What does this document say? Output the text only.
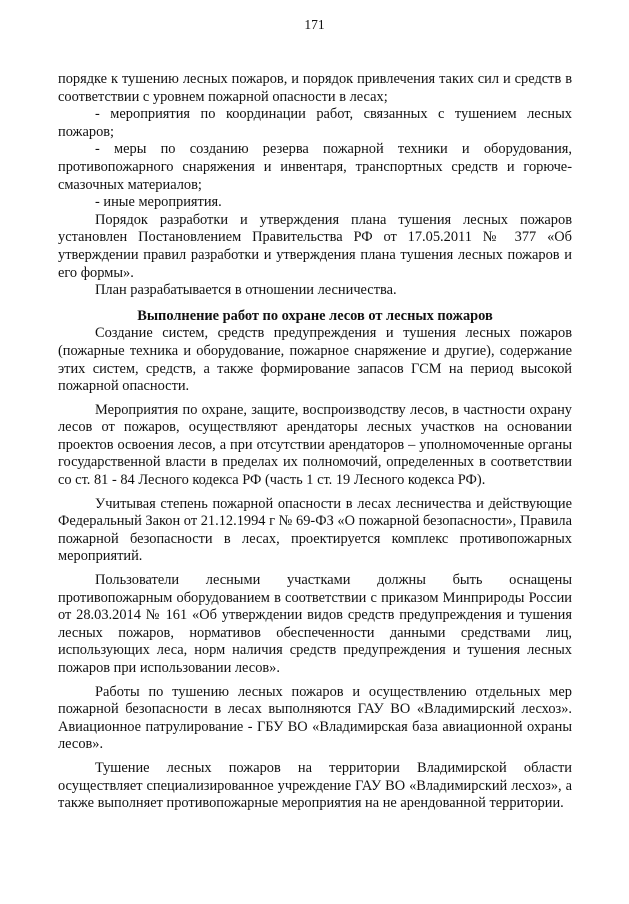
171

порядке к тушению лесных пожаров, и порядок привлечения таких сил и средств в соответствии с уровнем пожарной опасности в лесах;

- мероприятия по координации работ, связанных с тушением лесных пожаров;

- меры по созданию резерва пожарной техники и оборудования, противопожарного снаряжения и инвентаря, транспортных средств и горюче-смазочных материалов;

- иные мероприятия.

Порядок разработки и утверждения плана тушения лесных пожаров установлен Постановлением Правительства РФ от 17.05.2011 № 377 «Об утверждении правил разработки и утверждения плана тушения лесных пожаров и его формы».

План разрабатывается в отношении лесничества.

Выполнение работ по охране лесов от лесных пожаров

Создание систем, средств предупреждения и тушения лесных пожаров (пожарные техника и оборудование, пожарное снаряжение и другие), содержание этих систем, средств, а также формирование запасов ГСМ на период высокой пожарной опасности.

Мероприятия по охране, защите, воспроизводству лесов, в частности охрану лесов от пожаров, осуществляют арендаторы лесных участков на основании проектов освоения лесов, а при отсутствии арендаторов – уполномоченные органы государственной власти в пределах их полномочий, определенных в соответствии со ст. 81 - 84 Лесного кодекса РФ (часть 1 ст. 19 Лесного кодекса РФ).

Учитывая степень пожарной опасности в лесах лесничества и действующие Федеральный Закон от 21.12.1994 г № 69-ФЗ «О пожарной безопасности», Правила пожарной безопасности в лесах, проектируется комплекс противопожарных мероприятий.

Пользователи лесными участками должны быть оснащены противопожарным оборудованием в соответствии с приказом Минприроды России от 28.03.2014 № 161 «Об утверждении видов средств предупреждения и тушения лесных пожаров, нормативов обеспеченности данными средствами лиц, использующих леса, норм наличия средств предупреждения и тушения лесных пожаров при использовании лесов».

Работы по тушению лесных пожаров и осуществлению отдельных мер пожарной безопасности в лесах выполняются ГАУ ВО «Владимирский лесхоз». Авиационное патрулирование - ГБУ ВО «Владимирская база авиационной охраны лесов».

Тушение лесных пожаров на территории Владимирской области осуществляет специализированное учреждение ГАУ ВО «Владимирский лесхоз», а также выполняет противопожарные мероприятия на не арендованной территории.
